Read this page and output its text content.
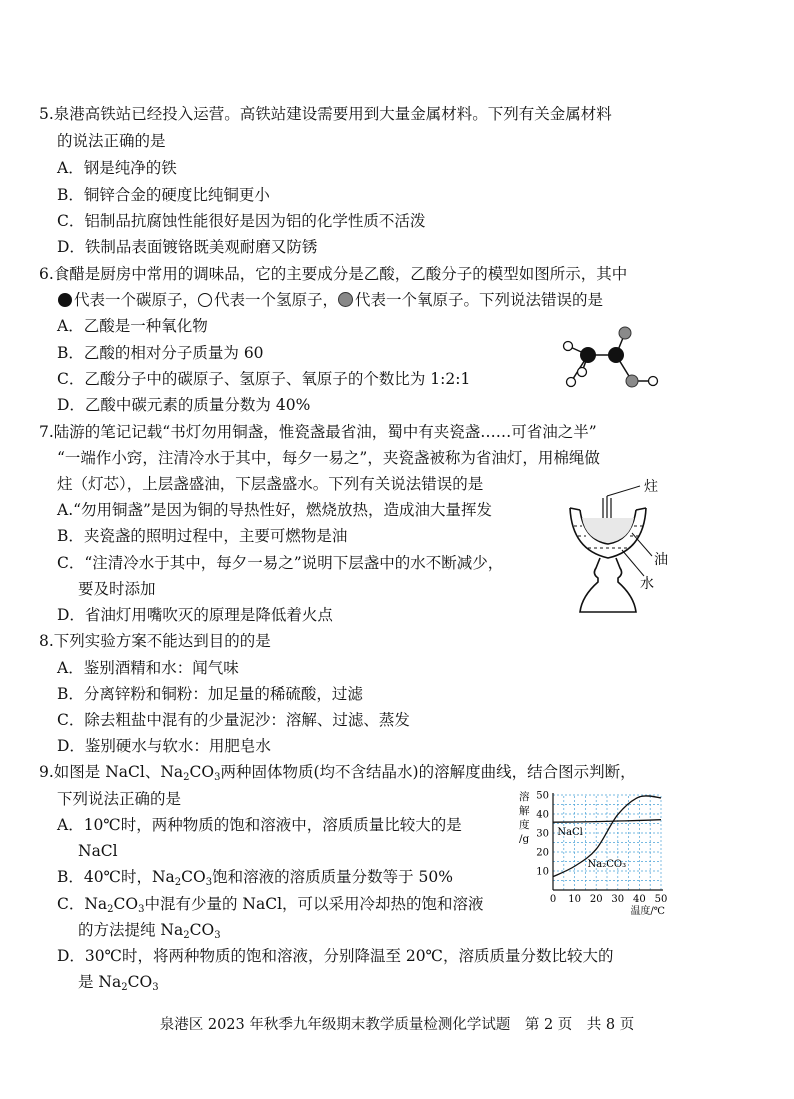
5.泉港高铁站已经投入运营。高铁站建设需要用到大量金属材料。下列有关金属材料
的说法正确的是
A．钢是纯净的铁
B．铜锌合金的硬度比纯铜更小
C．铝制品抗腐蚀性能很好是因为铝的化学性质不活泼
D．铁制品表面镀铬既美观耐磨又防锈
6.食醋是厨房中常用的调味品，它的主要成分是乙酸，乙酸分子的模型如图所示，其中
代表一个碳原子， 代表一个氢原子， 代表一个氧原子。下列说法错误的是
A．乙酸是一种氧化物
B．乙酸的相对分子质量为 60
C．乙酸分子中的碳原子、氢原子、氧原子的个数比为 1:2:1
D．乙酸中碳元素的质量分数为 40%
7.陆游的笔记记载“书灯勿用铜盏，惟瓷盏最省油，蜀中有夹瓷盏……可省油之半”
“一端作小窍，注清冷水于其中，每夕一易之”，夹瓷盏被称为省油灯，用棉绳做
炷（灯芯），上层盏盛油，下层盏盛水。下列有关说法错误的是
A.“勿用铜盏”是因为铜的导热性好，燃烧放热，造成油大量挥发
B．夹瓷盏的照明过程中，主要可燃物是油
C．“注清冷水于其中，每夕一易之”说明下层盏中的水不断减少，
要及时添加
D．省油灯用嘴吹灭的原理是降低着火点
炷
油
水
8.下列实验方案不能达到目的的是
A．鉴别酒精和水：闻气味
B．分离锌粉和铜粉：加足量的稀硫酸，过滤
C．除去粗盐中混有的少量泥沙：溶解、过滤、蒸发
D．鉴别硬水与软水：用肥皂水
9.如图是 NaCl、$Na_2CO_3$两种固体物质(均不含结晶水)的溶解度曲线，结合图示判断，
下列说法正确的是
A．10℃时，两种物质的饱和溶液中，溶质质量比较大的是
NaCl
B．40℃时，$Na_2CO_3$饱和溶液的溶质质量分数等于 50%
C．$Na_2CO_3$中混有少量的 NaCl，可以采用冷却热的饱和溶液
的方法提纯 $Na_2CO_3$
D．30℃时，将两种物质的饱和溶液，分别降温至 20℃，溶质质量分数比较大的
是 $Na_2CO_3$
0 10 20 30 40 50
10
20
30
40
50
溶
解
度
/g
温度/℃
NaCl
Na₂CO₃
泉港区 2023 年秋季九年级期末教学质量检测化学试题　第 2 页　共 8 页
